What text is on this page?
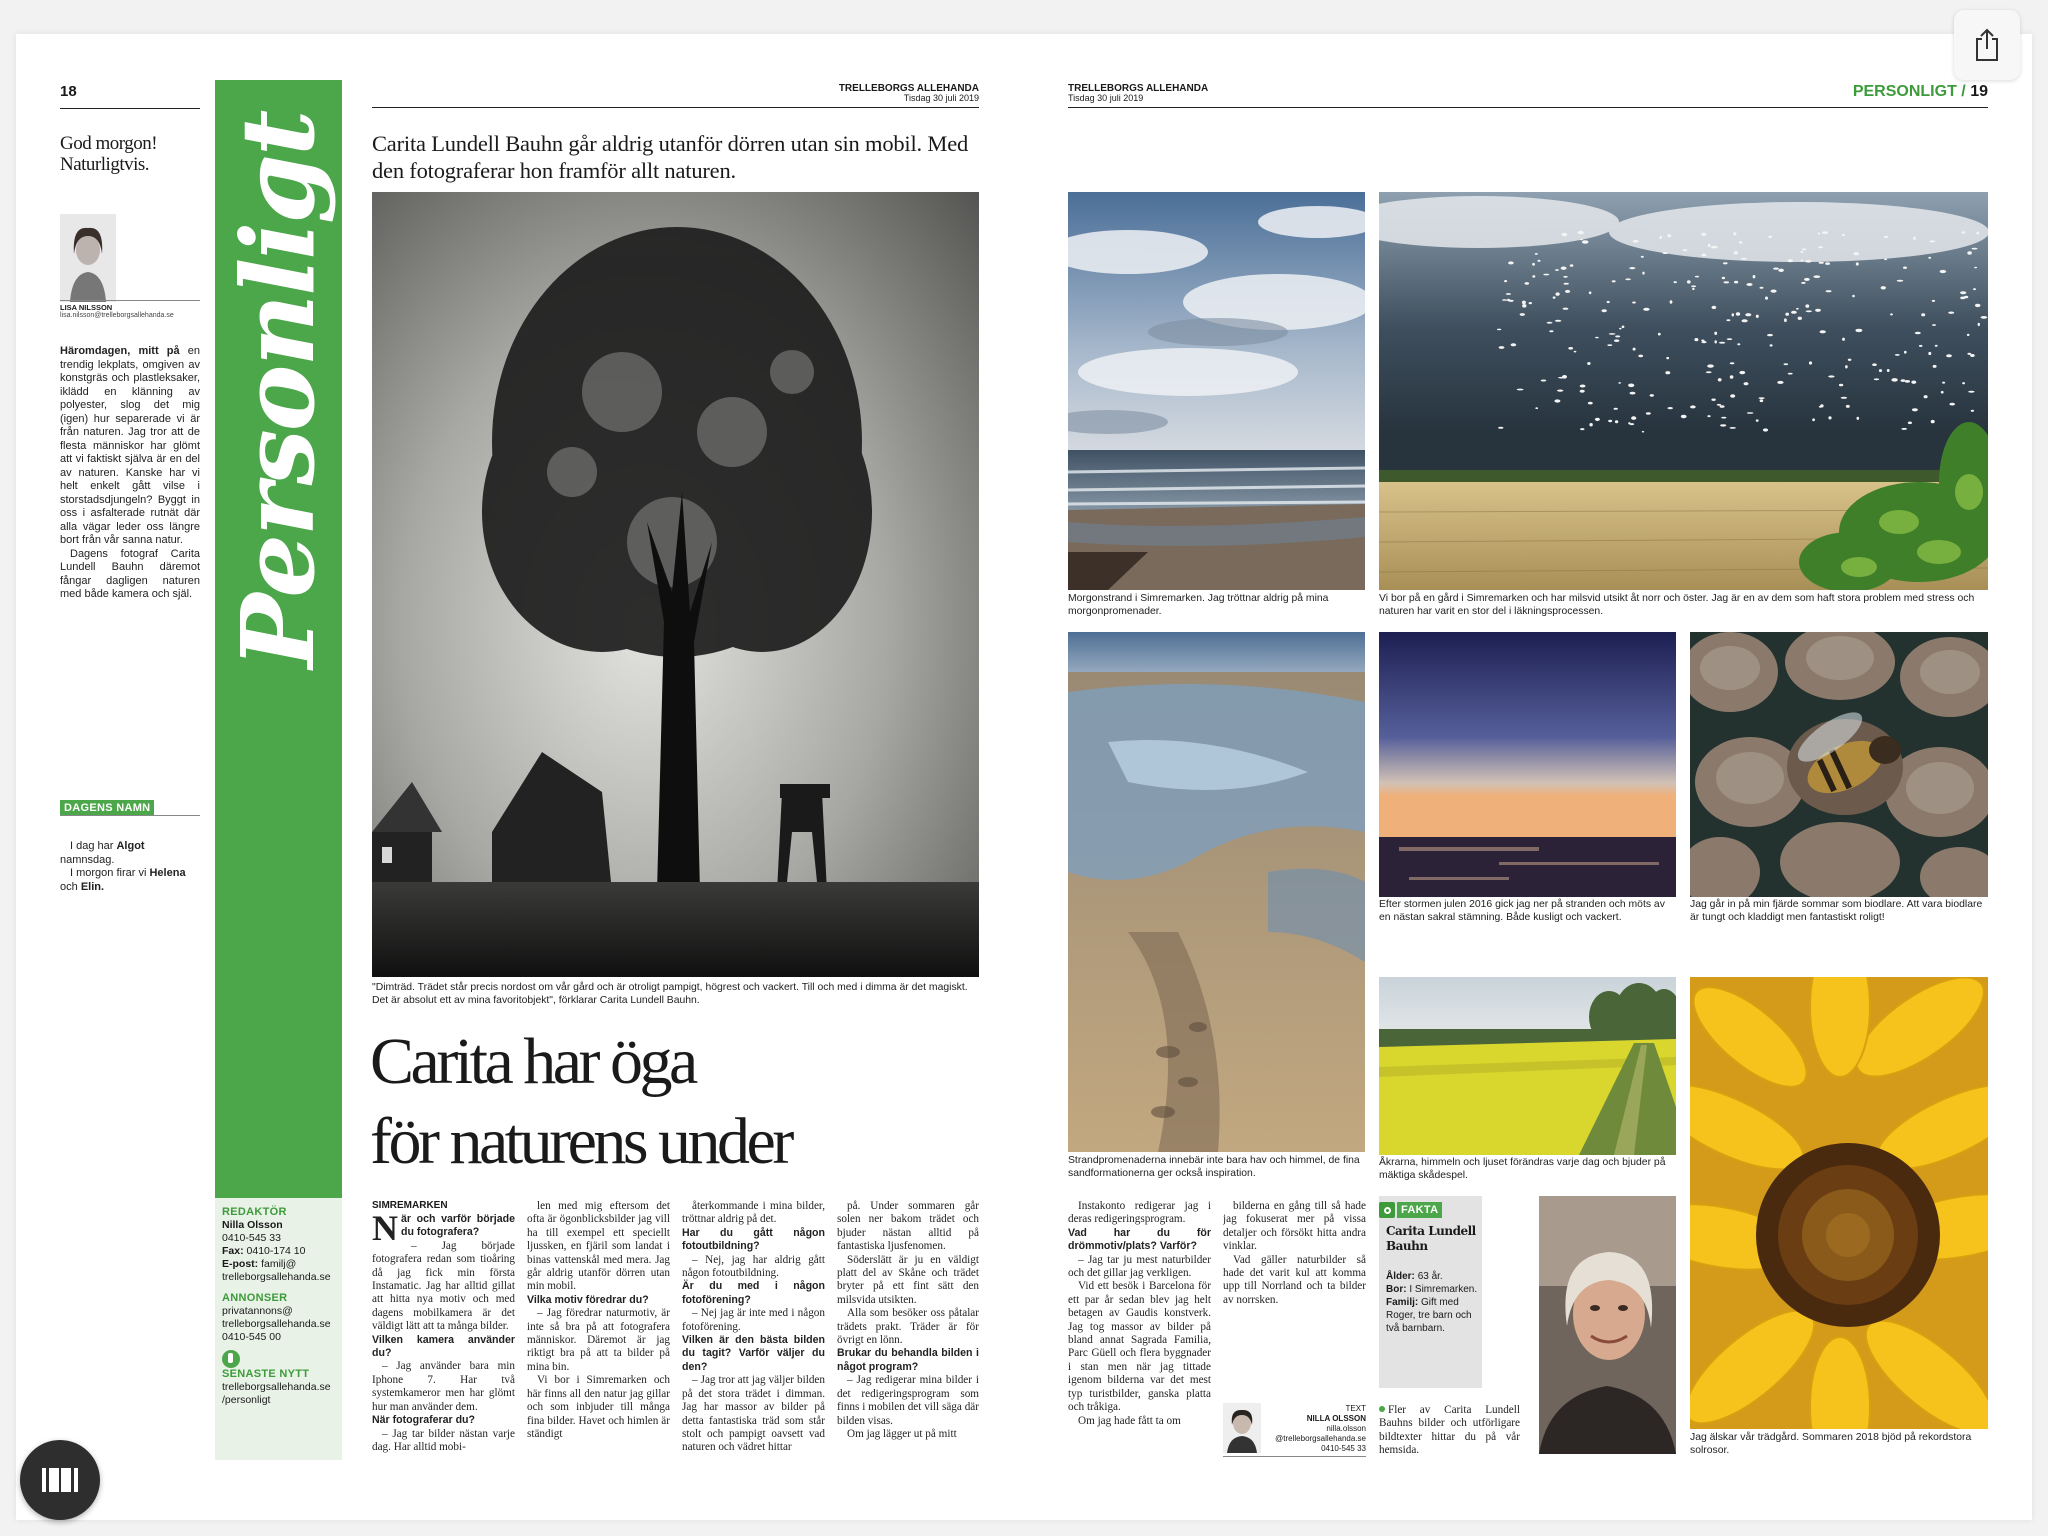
18	TRELLEBORGS ALLEHANDA
Tisdag 30 juli 2019
Personligt
God morgon!
Naturligtvis.
LISA NILSSON
lisa.nilsson@trelleborgsallehanda.se
Häromdagen, mitt på en trendig lekplats, omgiven av konstgräs och plastleksaker, iklädd en klänning av polyester, slog det mig (igen) hur separerade vi är från naturen. Jag tror att de flesta människor har glömt att vi faktiskt själva är en del av naturen. Kanske har vi helt enkelt gått vilse i storstadsdjungeln? Byggt in oss i asfalterade rutnät där alla vägar leder oss längre bort från vår sanna natur.
Dagens fotograf Carita Lundell Bauhn däremot fångar dagligen naturen med både kamera och själ.
DAGENS NAMN
I dag har Algot namnsdag.
I morgon firar vi Helena
och Elin.
REDAKTÖR
Nilla Olsson
0410-545 33
Fax: 0410-174 10
E-post: familj@ trelleborgsallehanda.se
ANNONSER
privatannons@ trelleborgsallehanda.se
0410-545 00
SENASTE NYTT
trelleborgsallehanda.se /personligt
Carita Lundell Bauhn går aldrig utanför dörren utan sin mobil. Med den fotograferar hon framför allt naturen.
"Dimträd. Trädet står precis nordost om vår gård och är otroligt pampigt, högrest och vackert. Till och med i dimma är det magiskt. Det är absolut ett av mina favoritobjekt", förklarar Carita Lundell Bauhn.
Carita har öga
för naturens under
SIMREMARKEN

När och varför började du fotografera?

– Jag började fotografera redan som tioåring då jag fick min första Instamatic. Jag har alltid gillat att hitta nya motiv och med dagens mobilkamera är det väldigt lätt att ta många bilder.

Vilken kamera använder du?

– Jag använder bara min Iphone 7. Har två systemkameror men har glömt hur man använder dem.

När fotograferar du?

– Jag tar bilder nästan varje dag. Har alltid mobi-

len med mig eftersom det ofta är ögonblicksbilder jag vill ha till exempel ett speciellt ljussken, en fjäril som landat i binas vattenskål med mera. Jag går aldrig utanför dörren utan min mobil.

Vilka motiv föredrar du?

– Jag föredrar naturmotiv, är inte så bra på att fotografera människor. Däremot är jag riktigt bra på att ta bilder på mina bin.

Vi bor i Simremarken och här finns all den natur jag gillar och som inbjuder till många fina bilder. Havet och himlen är ständigt

återkommande i mina bilder, tröttnar aldrig på det.

Har du gått någon fotoutbildning?

– Nej, jag har aldrig gått någon fotoutbildning.

Är du med i någon fotoförening?

– Nej jag är inte med i någon fotoförening.

Vilken är den bästa bilden du tagit? Varför väljer du den?

– Jag tror att jag väljer bilden på det stora trädet i dimman. Jag har massor av bilder på detta fantastiska träd som står stolt och pampigt oavsett vad naturen och vädret hittar

på. Under sommaren går solen ner bakom trädet och bjuder nästan alltid på fantastiska ljusfenomen.

Söderslätt är ju en väldigt platt del av Skåne och trädet bryter på ett fint sätt den milsvida utsikten.

Alla som besöker oss påtalar trädets prakt. Träder är för övrigt en lönn.

Brukar du behandla bilden i något program?

– Jag redigerar mina bilder i det redigeringsprogram som finns i mobilen det vill säga där bilden visas.

Om jag lägger ut på mitt

TRELLEBORGS ALLEHANDA
Tisdag 30 juli 2019	PERSONLIGT / 19
Morgonstrand i Simremarken. Jag tröttnar aldrig på mina morgonpromenader.
Vi bor på en gård i Simremarken och har milsvid utsikt åt norr och öster. Jag är en av dem som haft stora problem med stress och naturen har varit en stor del i läkningsprocessen.
Strandpromenaderna innebär inte bara hav och himmel, de fina sandformationerna ger också inspiration.
Efter stormen julen 2016 gick jag ner på stranden och möts av en nästan sakral stämning. Både kusligt och vackert.
Jag går in på min fjärde sommar som biodlare. Att vara biodlare är tungt och kladdigt men fantastiskt roligt!
Åkrarna, himmeln och ljuset förändras varje dag och bjuder på mäktiga skådespel.
Jag älskar vår trädgård. Sommaren 2018 bjöd på rekordstora solrosor.

Instakonto redigerar jag i deras redigeringsprogram.

Vad har du för drömmotiv/plats? Varför?

– Jag tar ju mest naturbilder och det gillar jag verkligen.

Vid ett besök i Barcelona för ett par år sedan blev jag helt betagen av Gaudis konstverk. Jag tog massor av bilder på bland annat Sagrada Familia, Parc Güell och flera byggnader i stan men när jag tittade igenom bilderna var det mest typ turistbilder, ganska platta och tråkiga.

Om jag hade fått ta om

bilderna en gång till så hade jag fokuserat mer på vissa detaljer och försökt hitta andra vinklar.

Vad gäller naturbilder så hade det varit kul att komma upp till Norrland och ta bilder av norrsken.

TEXT
NILLA OLSSON
nilla.olsson
@trelleborgsallehanda.se
0410-545 33
FAKTA
Carita Lundell Bauhn
Ålder: 63 år.
Bor: I Simremarken.
Familj: Gift med Roger, tre barn och två barnbarn.

Fler av Carita Lundell Bauhns bilder och utförligare bildtexter hittar du på vår hemsida.
